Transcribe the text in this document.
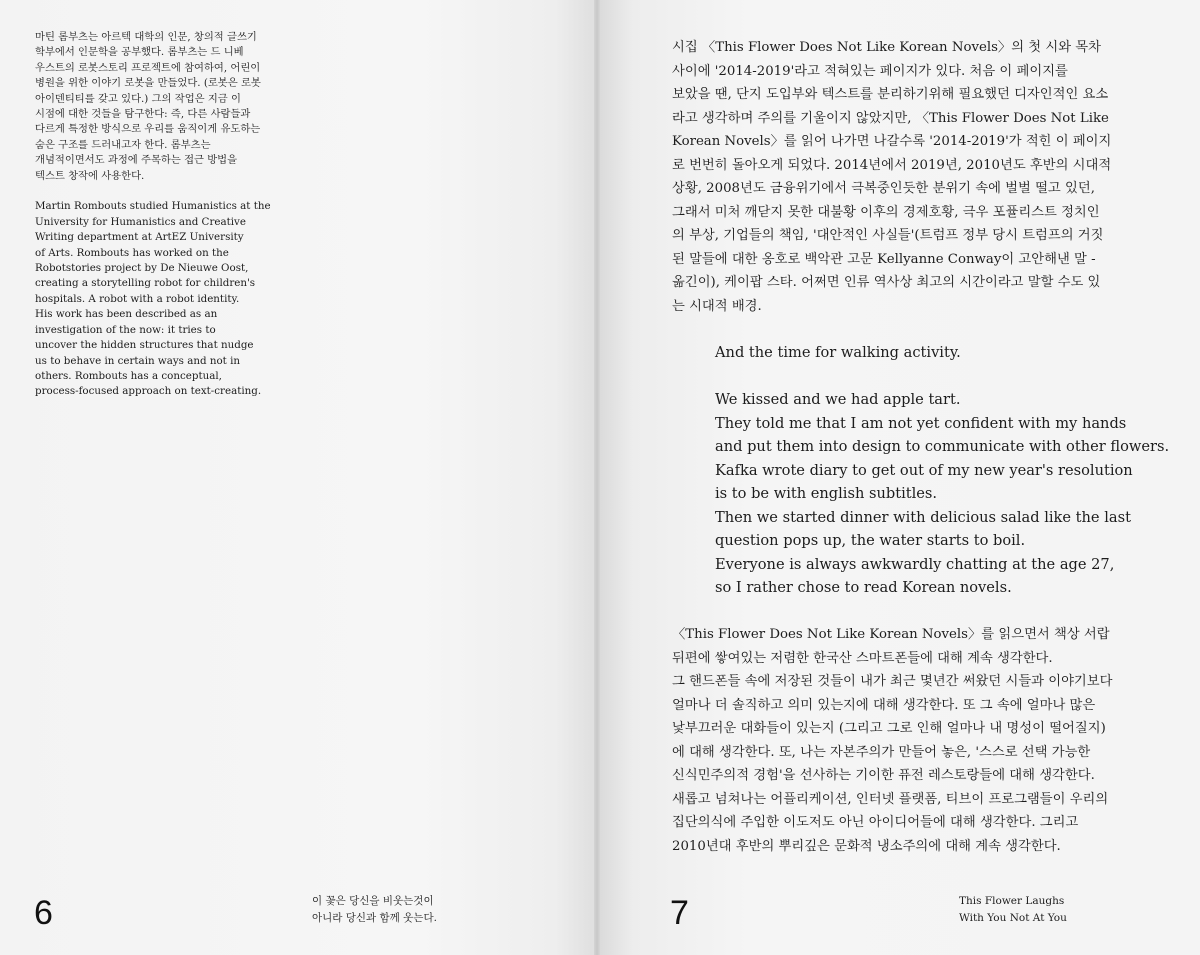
마틴 롬부츠는 아르텍 대학의 인문, 창의적 글쓰기
학부에서 인문학을 공부했다. 롬부츠는 드 니베
우스트의 로봇스토리 프로젝트에 참여하여, 어린이
병원을 위한 이야기 로봇을 만들었다. (로봇은 로봇
아이덴티티를 갖고 있다.) 그의 작업은 지금 이
시점에 대한 것들을 탐구한다: 즉, 다른 사람들과
다르게 특정한 방식으로 우리를 움직이게 유도하는
숨은 구조를 드러내고자 한다. 롬부츠는
개념적이면서도 과정에 주목하는 접근 방법을
텍스트 창작에 사용한다.
Martin Rombouts studied Humanistics at the
University for Humanistics and Creative
Writing department at ArtEZ University
of Arts. Rombouts has worked on the
Robotstories project by De Nieuwe Oost,
creating a storytelling robot for children's
hospitals. A robot with a robot identity.
His work has been described as an
investigation of the now: it tries to
uncover the hidden structures that nudge
us to behave in certain ways and not in
others. Rombouts has a conceptual,
process-focused approach on text-creating.
6	이 꽃은 당신을 비웃는것이
아니라 당신과 함께 웃는다.
시집 〈This Flower Does Not Like Korean Novels〉의 첫 시와 목차
사이에 '2014-2019'라고 적혀있는 페이지가 있다. 처음 이 페이지를
보았을 땐, 단지 도입부와 텍스트를 분리하기위해 필요했던 디자인적인 요소
라고 생각하며 주의를 기울이지 않았지만, 〈This Flower Does Not Like
Korean Novels〉를 읽어 나가면 나갈수록 '2014-2019'가 적힌 이 페이지
로 번번히 돌아오게 되었다. 2014년에서 2019년, 2010년도 후반의 시대적
상황, 2008년도 금융위기에서 극복중인듯한 분위기 속에 벌벌 떨고 있던,
그래서 미처 깨닫지 못한 대불황 이후의 경제호황, 극우 포퓰리스트 정치인
의 부상, 기업들의 책임, '대안적인 사실들'(트럼프 정부 당시 트럼프의 거짓
된 말들에 대한 옹호로 백악관 고문 Kellyanne Conway이 고안해낸 말 -
옮긴이), 케이팝 스타. 어쩌면 인류 역사상 최고의 시간이라고 말할 수도 있
는 시대적 배경.
And the time for walking activity.
We kissed and we had apple tart.
They told me that I am not yet confident with my hands
and put them into design to communicate with other flowers.
Kafka wrote diary to get out of my new year's resolution
is to be with english subtitles.
Then we started dinner with delicious salad like the last
question pops up, the water starts to boil.
Everyone is always awkwardly chatting at the age 27,
so I rather chose to read Korean novels.
〈This Flower Does Not Like Korean Novels〉를 읽으면서 책상 서랍
뒤편에 쌓여있는 저렴한 한국산 스마트폰들에 대해 계속 생각한다.
그 핸드폰들 속에 저장된 것들이 내가 최근 몇년간 써왔던 시들과 이야기보다
얼마나 더 솔직하고 의미 있는지에 대해 생각한다. 또 그 속에 얼마나 많은
낯부끄러운 대화들이 있는지 (그리고 그로 인해 얼마나 내 명성이 떨어질지)
에 대해 생각한다. 또, 나는 자본주의가 만들어 놓은, '스스로 선택 가능한
신식민주의적 경험'을 선사하는 기이한 퓨전 레스토랑들에 대해 생각한다.
새롭고 넘쳐나는 어플리케이션, 인터넷 플랫폼, 티브이 프로그램들이 우리의
집단의식에 주입한 이도저도 아닌 아이디어들에 대해 생각한다. 그리고
2010년대 후반의 뿌리깊은 문화적 냉소주의에 대해 계속 생각한다.
7	This Flower Laughs
With You Not At You
